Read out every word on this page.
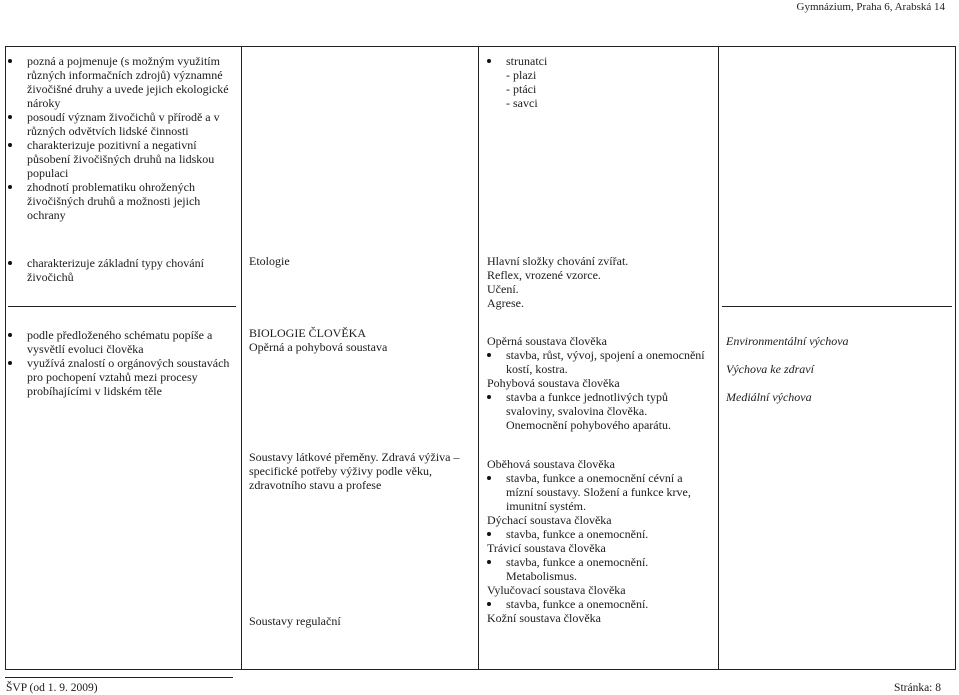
Gymnázium, Praha 6, Arabská 14
pozná a pojmenuje (s možným využitím různých informačních zdrojů) významné živočišné druhy a uvede jejich ekologické nároky
posoudí význam živočichů v přírodě a v různých odvětvích lidské činnosti
charakterizuje pozitivní a negativní působení živočišných druhů na lidskou populaci
zhodnotí problematiku ohrožených živočišných druhů a možnosti jejich ochrany
strunatci
- plazi
- ptáci
- savci
charakterizuje základní typy chování živočichů
Etologie	Hlavní složky chování zvířat.
Reflex, vrozené vzorce.
Učení.
Agrese.
podle předloženého schématu popíše a vysvětlí evoluci člověka
využívá znalostí o orgánových soustavách pro pochopení vztahů mezi procesy probíhajícími v lidském těle
BIOLOGIE ČLOVĚKA
Opěrná a pohybová soustava
Soustavy látkové přeměny. Zdravá výživa – specifické potřeby výživy podle věku, zdravotního stavu a profese
Soustavy regulační
Opěrná soustava člověka
stavba, růst, vývoj, spojení a onemocnění kostí, kostra.
Pohybová soustava člověka
stavba a funkce jednotlivých typů svaloviny, svalovina člověka.
Onemocnění pohybového aparátu.
Oběhová soustava člověka
stavba, funkce a onemocnění cévní a mízní soustavy. Složení a funkce krve, imunitní systém.
Dýchací soustava člověka
stavba, funkce a onemocnění.
Trávicí soustava člověka
stavba, funkce a onemocnění.
Metabolismus.
Vylučovací soustava člověka
stavba, funkce a onemocnění.
Kožní soustava člověka
Environmentální výchova
Výchova ke zdraví
Mediální výchova
ŠVP (od 1. 9. 2009)	Stránka: 8
